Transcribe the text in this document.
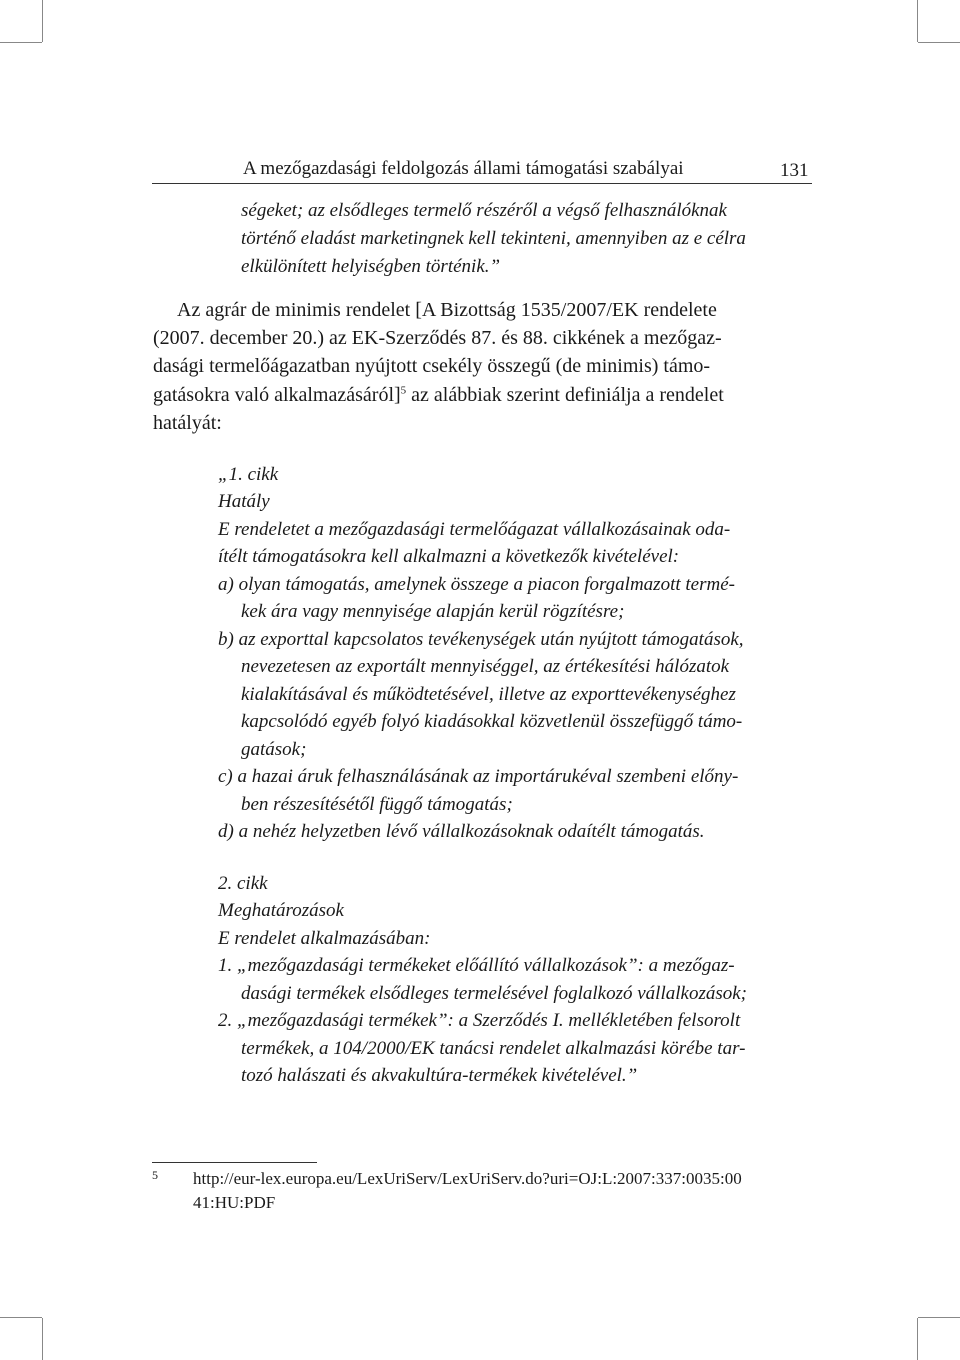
A mezőgazdasági feldolgozás állami támogatási szabályai	131
ségeket; az elsődleges termelő részéről a végső felhasználóknak
történő eladást marketingnek kell tekinteni, amennyiben az e célra
elkülönített helyiségben történik.”
Az agrár de minimis rendelet [A Bizottság 1535/2007/EK rendelete
(2007. december 20.) az EK-Szerződés 87. és 88. cikkének a mezőgaz-
dasági termelőágazatban nyújtott csekély összegű (de minimis) támo-
gatásokra való alkalmazásáról]$^5$ az alábbiak szerint definiálja a rendelet
hatályát:
„1. cikk
Hatály
E rendeletet a mezőgazdasági termelőágazat vállalkozásainak oda-
ítélt támogatásokra kell alkalmazni a következők kivételével:
a) olyan támogatás, amelynek összege a piacon forgalmazott termé-
kek ára vagy mennyisége alapján kerül rögzítésre;
b) az exporttal kapcsolatos tevékenységek után nyújtott támogatások,
nevezetesen az exportált mennyiséggel, az értékesítési hálózatok
kialakításával és működtetésével, illetve az exporttevékenységhez
kapcsolódó egyéb folyó kiadásokkal közvetlenül összefüggő támo-
gatások;
c) a hazai áruk felhasználásának az importárukéval szembeni előny-
ben részesítésétől függő támogatás;
d) a nehéz helyzetben lévő vállalkozásoknak odaítélt támogatás.
2. cikk
Meghatározások
E rendelet alkalmazásában:
1. „mezőgazdasági termékeket előállító vállalkozások”: a mezőgaz-
dasági termékek elsődleges termelésével foglalkozó vállalkozások;
2. „mezőgazdasági termékek”: a Szerződés I. mellékletében felsorolt
termékek, a 104/2000/EK tanácsi rendelet alkalmazási körébe tar-
tozó halászati és akvakultúra-termékek kivételével.”
5 http://eur-lex.europa.eu/LexUriServ/LexUriServ.do?uri=OJ:L:2007:337:0035:00
41:HU:PDF
